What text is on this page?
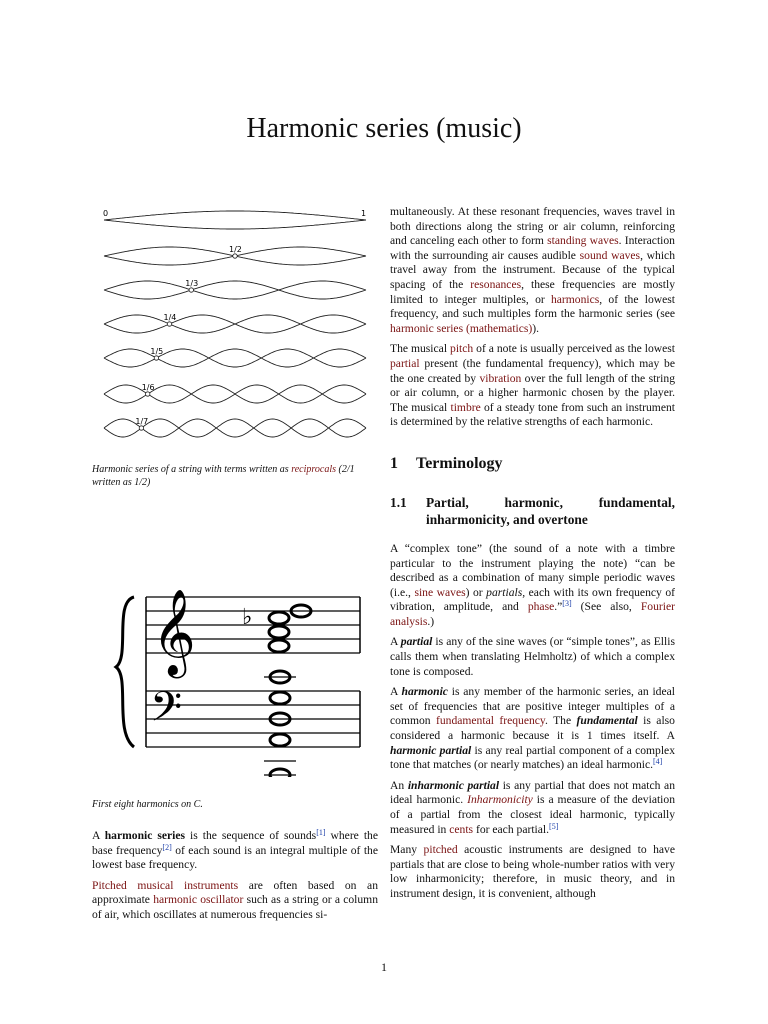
Harmonic series (music)
0	1
1/2
1/3
1/4
1/5
1/6
1/7

Harmonic series of a string with terms written as reciprocals (2/1 written as 1/2)

𝄞
𝄢
♭

First eight harmonics on C.

A harmonic series is the sequence of sounds[1] where the base frequency[2] of each sound is an integral multiple of the lowest base frequency.

Pitched musical instruments are often based on an approximate harmonic oscillator such as a string or a column of air, which oscillates at numerous frequencies si-

multaneously. At these resonant frequencies, waves travel in both directions along the string or air column, reinforcing and canceling each other to form standing waves. Interaction with the surrounding air causes audible sound waves, which travel away from the instrument. Because of the typical spacing of the resonances, these frequencies are mostly limited to integer multiples, or harmonics, of the lowest frequency, and such multiples form the harmonic series (see harmonic series (mathematics)).

The musical pitch of a note is usually perceived as the lowest partial present (the fundamental frequency), which may be the one created by vibration over the full length of the string or air column, or a higher harmonic chosen by the player. The musical timbre of a steady tone from such an instrument is determined by the relative strengths of each harmonic.

1 Terminology
1.1	Partial, harmonic, fundamental, inharmonicity, and overtone

A “complex tone” (the sound of a note with a timbre particular to the instrument playing the note) “can be described as a combination of many simple periodic waves (i.e., sine waves) or partials, each with its own frequency of vibration, amplitude, and phase.”[3] (See also, Fourier analysis.)

A partial is any of the sine waves (or “simple tones”, as Ellis calls them when translating Helmholtz) of which a complex tone is composed.

A harmonic is any member of the harmonic series, an ideal set of frequencies that are positive integer multiples of a common fundamental frequency. The fundamental is also considered a harmonic because it is 1 times itself. A harmonic partial is any real partial component of a complex tone that matches (or nearly matches) an ideal harmonic.[4]

An inharmonic partial is any partial that does not match an ideal harmonic. Inharmonicity is a measure of the deviation of a partial from the closest ideal harmonic, typically measured in cents for each partial.[5]

Many pitched acoustic instruments are designed to have partials that are close to being whole-number ratios with very low inharmonicity; therefore, in music theory, and in instrument design, it is convenient, although

1
